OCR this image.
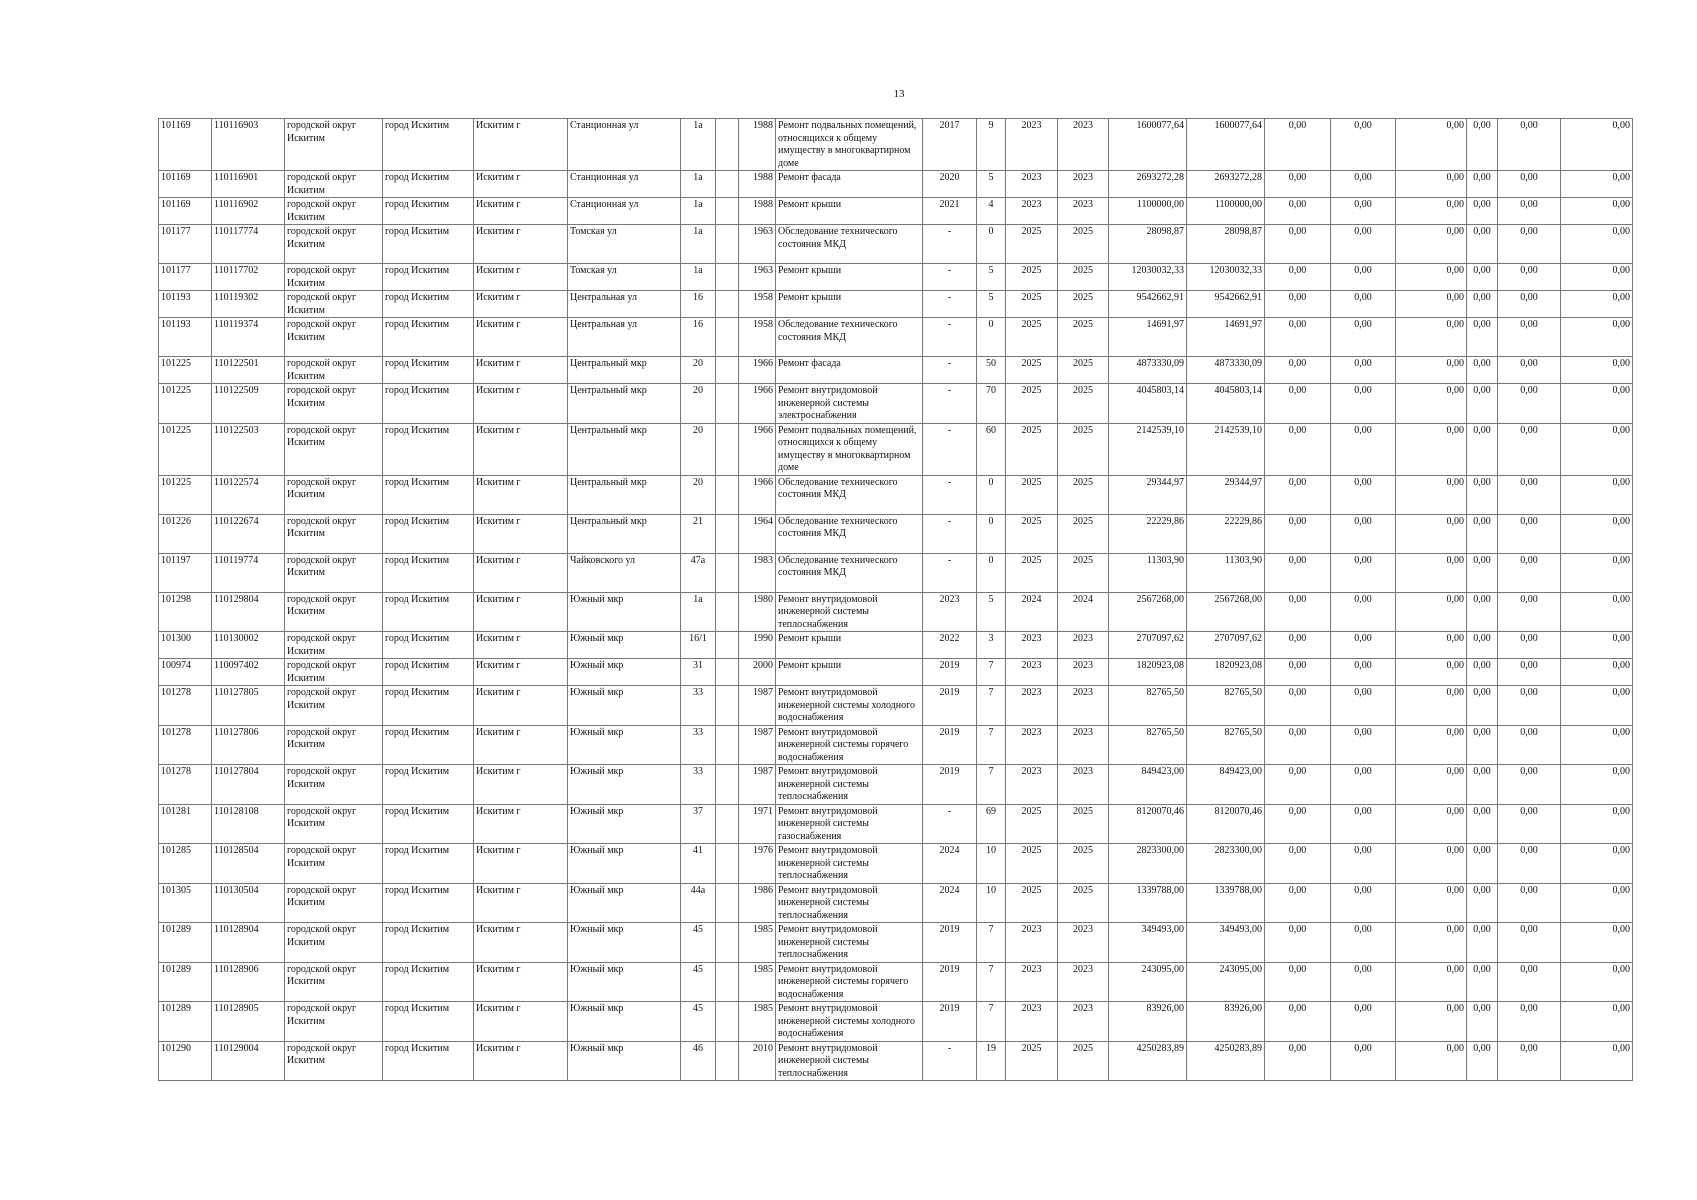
13
101169	110116903	городской округ Искитим	город Искитим	Искитим г	Станционная ул	1а		1988	Ремонт подвальных помещений, относящихся к общему имуществу в многоквартирном доме	2017	9	2023	2023	1600077,64	1600077,64	0,00	0,00	0,00	0,00	0,00	0,00
101169	110116901	городской округ Искитим	город Искитим	Искитим г	Станционная ул	1а		1988	Ремонт фасада	2020	5	2023	2023	2693272,28	2693272,28	0,00	0,00	0,00	0,00	0,00	0,00
101169	110116902	городской округ Искитим	город Искитим	Искитим г	Станционная ул	1а		1988	Ремонт крыши	2021	4	2023	2023	1100000,00	1100000,00	0,00	0,00	0,00	0,00	0,00	0,00
101177	110117774	городской округ Искитим	город Искитим	Искитим г	Томская ул	1а		1963	Обследование технического состояния МКД	-	0	2025	2025	28098,87	28098,87	0,00	0,00	0,00	0,00	0,00	0,00
101177	110117702	городской округ Искитим	город Искитим	Искитим г	Томская ул	1а		1963	Ремонт крыши	-	5	2025	2025	12030032,33	12030032,33	0,00	0,00	0,00	0,00	0,00	0,00
101193	110119302	городской округ Искитим	город Искитим	Искитим г	Центральная ул	16		1958	Ремонт крыши	-	5	2025	2025	9542662,91	9542662,91	0,00	0,00	0,00	0,00	0,00	0,00
101193	110119374	городской округ Искитим	город Искитим	Искитим г	Центральная ул	16		1958	Обследование технического состояния МКД	-	0	2025	2025	14691,97	14691,97	0,00	0,00	0,00	0,00	0,00	0,00
101225	110122501	городской округ Искитим	город Искитим	Искитим г	Центральный мкр	20		1966	Ремонт фасада	-	50	2025	2025	4873330,09	4873330,09	0,00	0,00	0,00	0,00	0,00	0,00
101225	110122509	городской округ Искитим	город Искитим	Искитим г	Центральный мкр	20		1966	Ремонт внутридомовой инженерной системы электроснабжения	-	70	2025	2025	4045803,14	4045803,14	0,00	0,00	0,00	0,00	0,00	0,00
101225	110122503	городской округ Искитим	город Искитим	Искитим г	Центральный мкр	20		1966	Ремонт подвальных помещений, относящихся к общему имуществу в многоквартирном доме	-	60	2025	2025	2142539,10	2142539,10	0,00	0,00	0,00	0,00	0,00	0,00
101225	110122574	городской округ Искитим	город Искитим	Искитим г	Центральный мкр	20		1966	Обследование технического состояния МКД	-	0	2025	2025	29344,97	29344,97	0,00	0,00	0,00	0,00	0,00	0,00
101226	110122674	городской округ Искитим	город Искитим	Искитим г	Центральный мкр	21		1964	Обследование технического состояния МКД	-	0	2025	2025	22229,86	22229,86	0,00	0,00	0,00	0,00	0,00	0,00
101197	110119774	городской округ Искитим	город Искитим	Искитим г	Чайковского ул	47а		1983	Обследование технического состояния МКД	-	0	2025	2025	11303,90	11303,90	0,00	0,00	0,00	0,00	0,00	0,00
101298	110129804	городской округ Искитим	город Искитим	Искитим г	Южный мкр	1а		1980	Ремонт внутридомовой инженерной системы теплоснабжения	2023	5	2024	2024	2567268,00	2567268,00	0,00	0,00	0,00	0,00	0,00	0,00
101300	110130002	городской округ Искитим	город Искитим	Искитим г	Южный мкр	16/1		1990	Ремонт крыши	2022	3	2023	2023	2707097,62	2707097,62	0,00	0,00	0,00	0,00	0,00	0,00
100974	110097402	городской округ Искитим	город Искитим	Искитим г	Южный мкр	31		2000	Ремонт крыши	2019	7	2023	2023	1820923,08	1820923,08	0,00	0,00	0,00	0,00	0,00	0,00
101278	110127805	городской округ Искитим	город Искитим	Искитим г	Южный мкр	33		1987	Ремонт внутридомовой инженерной системы холодного водоснабжения	2019	7	2023	2023	82765,50	82765,50	0,00	0,00	0,00	0,00	0,00	0,00
101278	110127806	городской округ Искитим	город Искитим	Искитим г	Южный мкр	33		1987	Ремонт внутридомовой инженерной системы горячего водоснабжения	2019	7	2023	2023	82765,50	82765,50	0,00	0,00	0,00	0,00	0,00	0,00
101278	110127804	городской округ Искитим	город Искитим	Искитим г	Южный мкр	33		1987	Ремонт внутридомовой инженерной системы теплоснабжения	2019	7	2023	2023	849423,00	849423,00	0,00	0,00	0,00	0,00	0,00	0,00
101281	110128108	городской округ Искитим	город Искитим	Искитим г	Южный мкр	37		1971	Ремонт внутридомовой инженерной системы газоснабжения	-	69	2025	2025	8120070,46	8120070,46	0,00	0,00	0,00	0,00	0,00	0,00
101285	110128504	городской округ Искитим	город Искитим	Искитим г	Южный мкр	41		1976	Ремонт внутридомовой инженерной системы теплоснабжения	2024	10	2025	2025	2823300,00	2823300,00	0,00	0,00	0,00	0,00	0,00	0,00
101305	110130504	городской округ Искитим	город Искитим	Искитим г	Южный мкр	44а		1986	Ремонт внутридомовой инженерной системы теплоснабжения	2024	10	2025	2025	1339788,00	1339788,00	0,00	0,00	0,00	0,00	0,00	0,00
101289	110128904	городской округ Искитим	город Искитим	Искитим г	Южный мкр	45		1985	Ремонт внутридомовой инженерной системы теплоснабжения	2019	7	2023	2023	349493,00	349493,00	0,00	0,00	0,00	0,00	0,00	0,00
101289	110128906	городской округ Искитим	город Искитим	Искитим г	Южный мкр	45		1985	Ремонт внутридомовой инженерной системы горячего водоснабжения	2019	7	2023	2023	243095,00	243095,00	0,00	0,00	0,00	0,00	0,00	0,00
101289	110128905	городской округ Искитим	город Искитим	Искитим г	Южный мкр	45		1985	Ремонт внутридомовой инженерной системы холодного водоснабжения	2019	7	2023	2023	83926,00	83926,00	0,00	0,00	0,00	0,00	0,00	0,00
101290	110129004	городской округ Искитим	город Искитим	Искитим г	Южный мкр	46		2010	Ремонт внутридомовой инженерной системы теплоснабжения	-	19	2025	2025	4250283,89	4250283,89	0,00	0,00	0,00	0,00	0,00	0,00
